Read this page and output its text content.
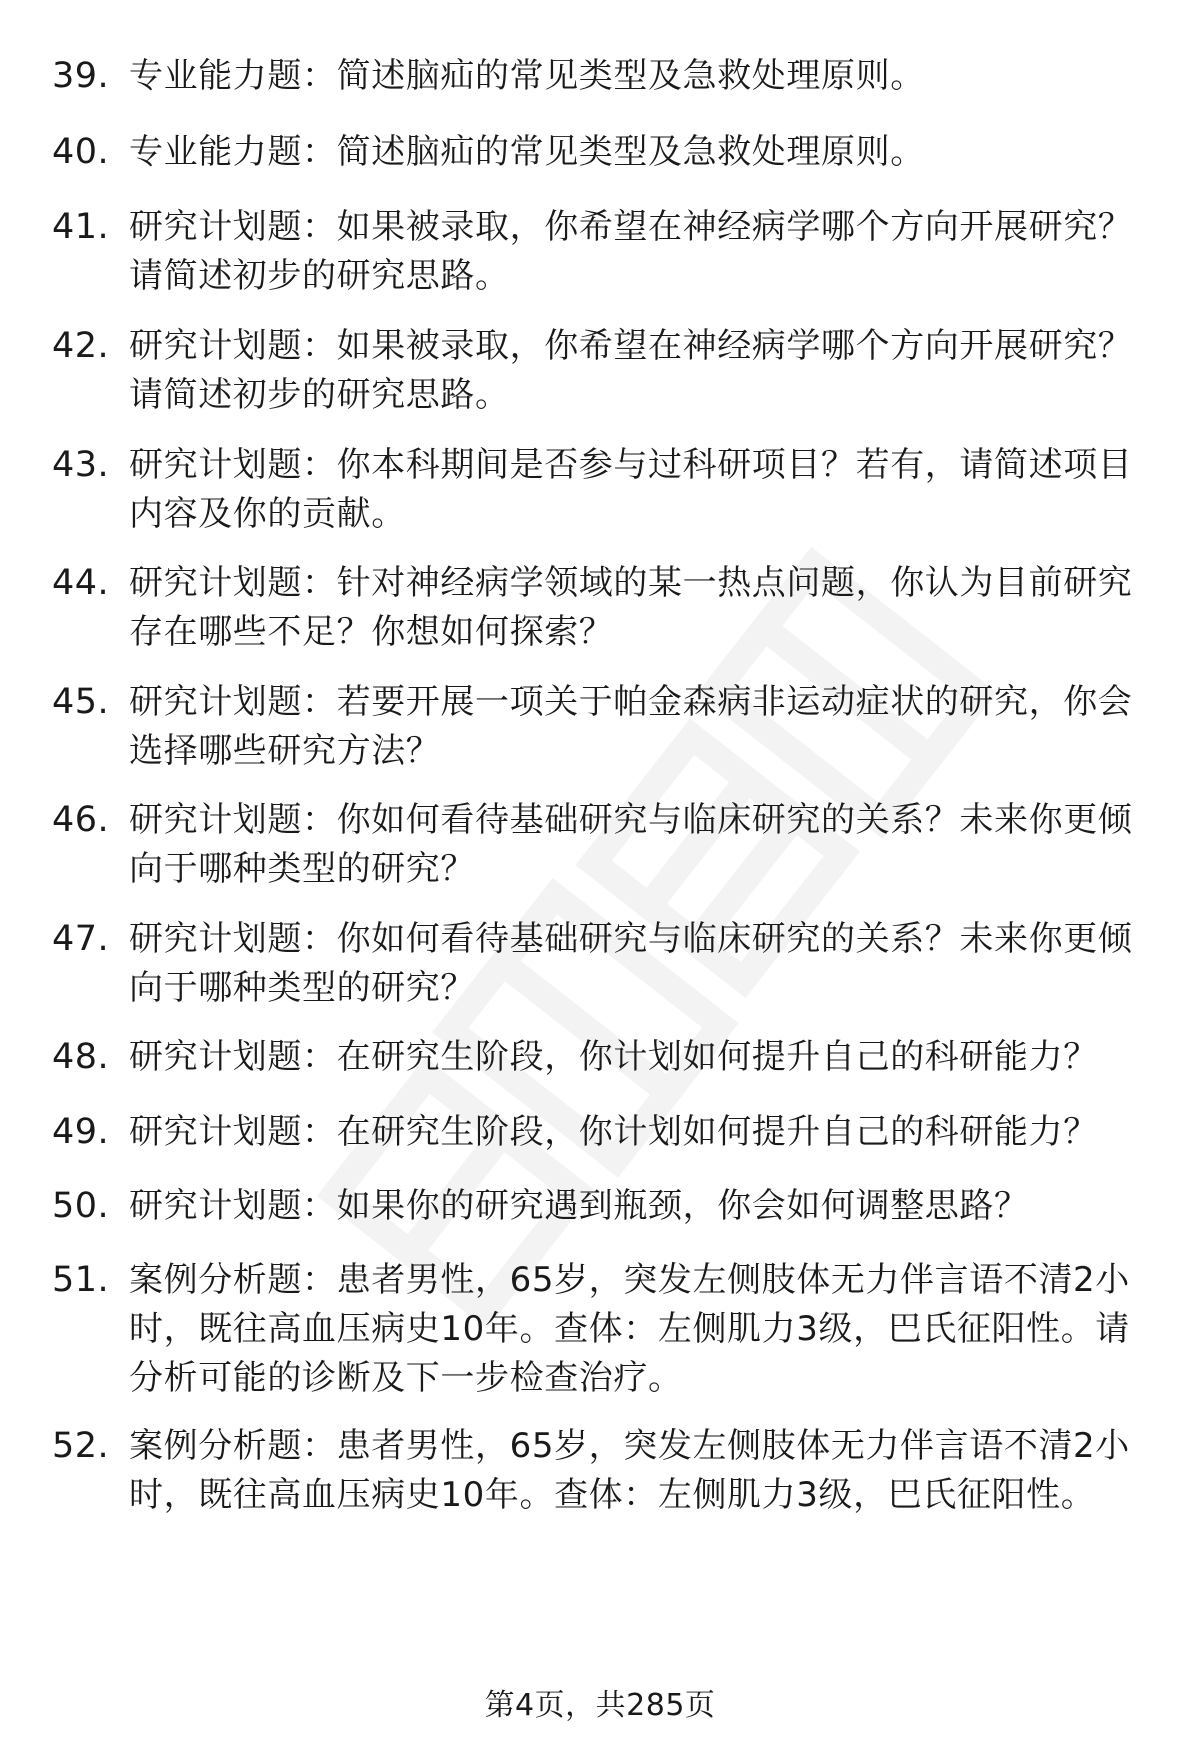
39. 专业能力题：简述脑疝的常见类型及急救处理原则。
40. 专业能力题：简述脑疝的常见类型及急救处理原则。
41. 研究计划题：如果被录取，你希望在神经病学哪个方向开展研究？请简述初步的研究思路。
42. 研究计划题：如果被录取，你希望在神经病学哪个方向开展研究？请简述初步的研究思路。
43. 研究计划题：你本科期间是否参与过科研项目？若有，请简述项目内容及你的贡献。
44. 研究计划题：针对神经病学领域的某一热点问题，你认为目前研究存在哪些不足？你想如何探索？
45. 研究计划题：若要开展一项关于帕金森病非运动症状的研究，你会选择哪些研究方法？
46. 研究计划题：你如何看待基础研究与临床研究的关系？未来你更倾向于哪种类型的研究？
47. 研究计划题：你如何看待基础研究与临床研究的关系？未来你更倾向于哪种类型的研究？
48. 研究计划题：在研究生阶段，你计划如何提升自己的科研能力？
49. 研究计划题：在研究生阶段，你计划如何提升自己的科研能力？
50. 研究计划题：如果你的研究遇到瓶颈，你会如何调整思路？
51. 案例分析题：患者男性，65岁，突发左侧肢体无力伴言语不清2小时，既往高血压病史10年。查体：左侧肌力3级，巴氏征阳性。请分析可能的诊断及下一步检查治疗。
52. 案例分析题：患者男性，65岁，突发左侧肢体无力伴言语不清2小时，既往高血压病史10年。查体：左侧肌力3级，巴氏征阳性。
第4页，共285页
